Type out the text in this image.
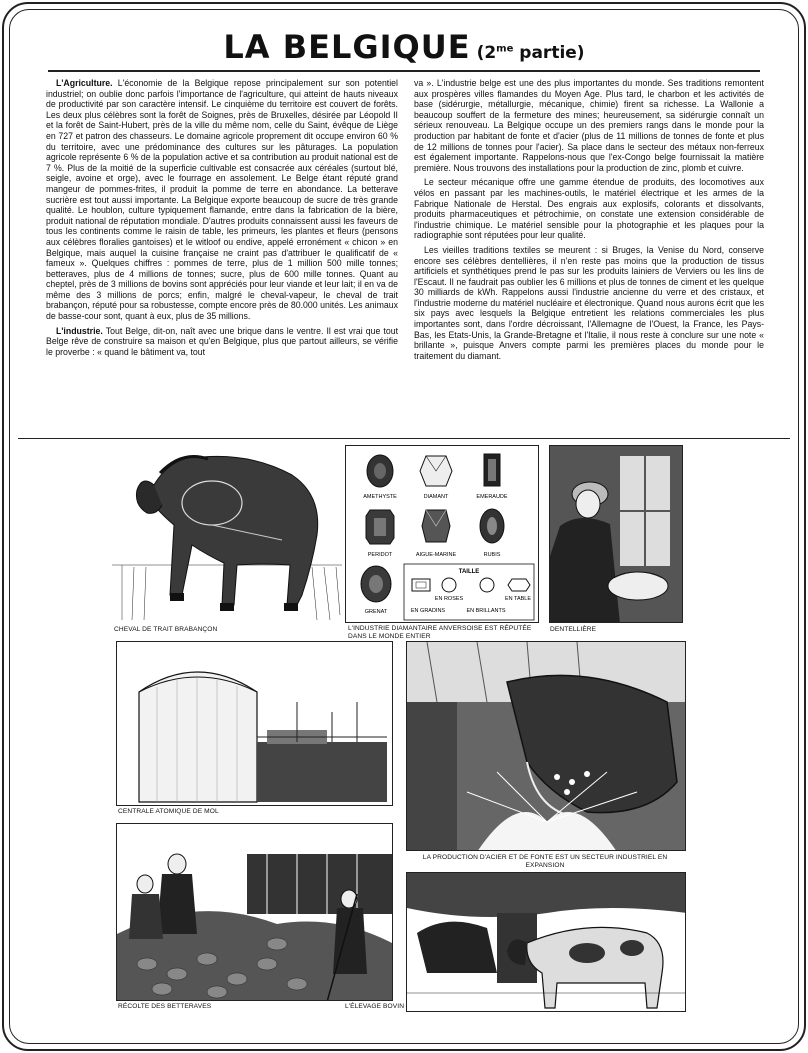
LA BELGIQUE ($2^{me}$ partie)

L'Agriculture. L'économie de la Belgique repose principalement sur son potentiel industriel; on oublie donc parfois l'importance de l'agriculture, qui atteint de hauts niveaux de productivité par son caractère intensif. Le cinquième du territoire est couvert de forêts. Les deux plus célèbres sont la forêt de Soignes, près de Bruxelles, désirée par Léopold II et la forêt de Saint-Hubert, près de la ville du même nom, celle du Saint, évêque de Liège en 727 et patron des chasseurs. Le domaine agricole proprement dit occupe environ 60 % du territoire, avec une prédominance des cultures sur les pâturages. La population agricole représente 6 % de la population active et sa contribution au produit national est de 7 %. Plus de la moitié de la superficie cultivable est consacrée aux céréales (surtout blé, seigle, avoine et orge), avec le fourrage en assolement. Le Belge étant réputé grand mangeur de pommes-frites, il produit la pomme de terre en abondance. La betterave sucrière est tout aussi importante. La Belgique exporte beaucoup de sucre de très grande qualité. Le houblon, culture typiquement flamande, entre dans la fabrication de la bière, produit national de réputation mondiale. D'autres produits connaissent aussi les faveurs de tous les continents comme le raisin de table, les primeurs, les plantes et fleurs (pensons aux célèbres floralies gantoises) et le witloof ou endive, appelé erronément « chicon » en Belgique, mais auquel la cuisine française ne craint pas d'attribuer le qualificatif de « fameux ». Quelques chiffres : pommes de terre, plus de 1 million 500 mille tonnes; betteraves, plus de 4 millions de tonnes; sucre, plus de 600 mille tonnes. Quant au cheptel, près de 3 millions de bovins sont appréciés pour leur viande et leur lait; il en va de même des 3 millions de porcs; enfin, malgré le cheval-vapeur, le cheval de trait brabançon, réputé pour sa robustesse, compte encore près de 80.000 unités. Les animaux de basse-cour sont, quant à eux, plus de 35 millions.

L'industrie. Tout Belge, dit-on, naît avec une brique dans le ventre. Il est vrai que tout Belge rêve de construire sa maison et qu'en Belgique, plus que partout ailleurs, se vérifie le proverbe : « quand le bâtiment va, tout

va ». L'industrie belge est une des plus importantes du monde. Ses traditions remontent aux prospères villes flamandes du Moyen Age. Plus tard, le charbon et les activités de base (sidérurgie, métallurgie, mécanique, chimie) firent sa richesse. La Wallonie a beaucoup souffert de la fermeture des mines; heureusement, sa sidérurgie connaît un sérieux renouveau. La Belgique occupe un des premiers rangs dans le monde pour la production par habitant de fonte et d'acier (plus de 11 millions de tonnes de fonte et plus de 12 millions de tonnes pour l'acier). Sa place dans le secteur des métaux non-ferreux est également importante. Rappelons-nous que l'ex-Congo belge fournissait la matière première. Nous trouvons des installations pour la production de zinc, plomb et cuivre.

Le secteur mécanique offre une gamme étendue de produits, des locomotives aux vélos en passant par les machines-outils, le matériel électrique et les armes de la Fabrique Nationale de Herstal. Des engrais aux explosifs, colorants et dissolvants, produits pharmaceutiques et pétrochimie, on constate une extension considérable de l'industrie chimique. Le matériel sensible pour la photographie et les plaques pour la radiographie sont réputées pour leur qualité.

Les vieilles traditions textiles se meurent : si Bruges, la Venise du Nord, conserve encore ses célèbres dentellières, il n'en reste pas moins que la production de tissus artificiels et synthétiques prend le pas sur les produits lainiers de Verviers ou les lins de l'Escaut. Il ne faudrait pas oublier les 6 millions et plus de tonnes de ciment et les quelque 30 milliards de kWh. Rappelons aussi l'industrie ancienne du verre et des cristaux, et l'industrie moderne du matériel nucléaire et électronique. Quand nous aurons écrit que les six pays avec lesquels la Belgique entretient les relations commerciales les plus importantes sont, dans l'ordre décroissant, l'Allemagne de l'Ouest, la France, les Pays-Bas, les Etats-Unis, la Grande-Bretagne et l'Italie, il nous reste à conclure sur une note « brillante », puisque Anvers compte parmi les premières places du monde pour le traitement du diamant.

CHEVAL DE TRAIT BRABANÇON
AMETHYSTE	DIAMANT	EMERAUDE
PERIDOT	AIGUE-MARINE	RUBIS
GRENAT
TAILLE
EN ROSES	EN TABLE
EN GRADINS	EN BRILLANTS
L'INDUSTRIE DIAMANTAIRE ANVERSOISE EST RÉPUTÉE DANS LE MONDE ENTIER
DENTELLIÈRE
CENTRALE ATOMIQUE DE MOL
LA PRODUCTION D'ACIER ET DE FONTE EST UN SECTEUR INDUSTRIEL EN EXPANSION
RÉCOLTE DES BETTERAVES	L'ÉLEVAGE BOVIN
